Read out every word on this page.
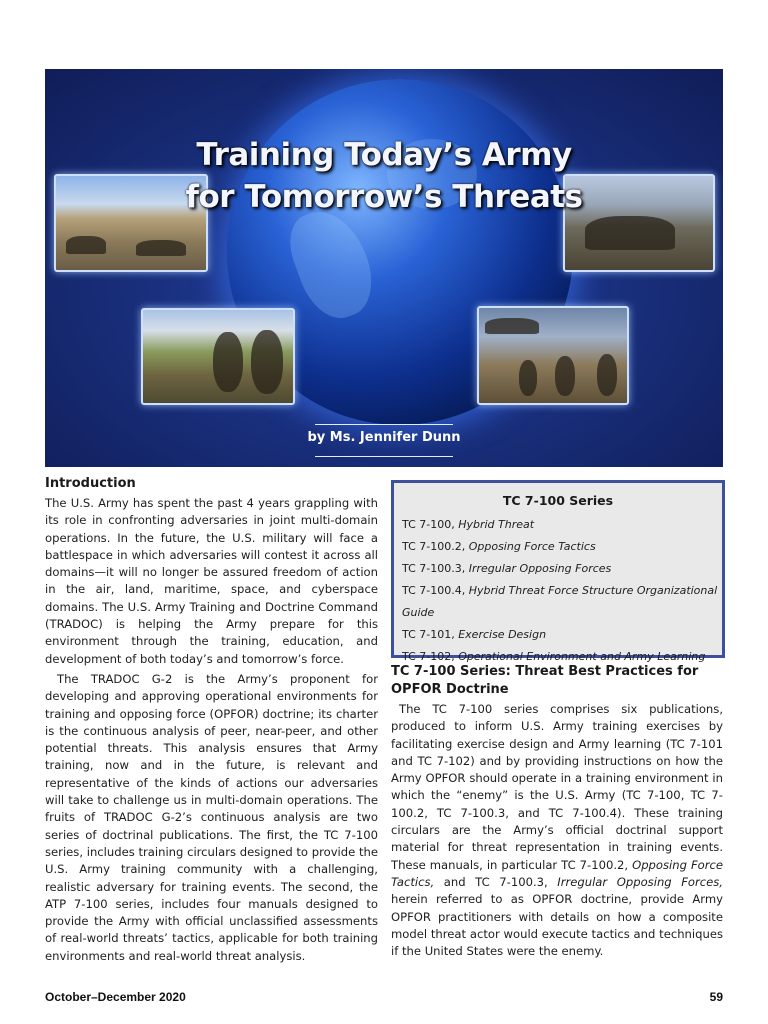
Training Today’s Army
for Tomorrow’s Threats
by Ms. Jennifer Dunn
Introduction

The U.S. Army has spent the past 4 years grappling with its role in confronting adversaries in joint multi-domain operations. In the future, the U.S. military will face a battlespace in which adversaries will contest it across all domains—it will no longer be assured freedom of action in the air, land, maritime, space, and cyberspace domains. The U.S. Army Training and Doctrine Command (TRADOC) is helping the Army prepare for this environment through the training, education, and development of both today’s and tomorrow’s force.

The TRADOC G-2 is the Army’s proponent for developing and approving operational environments for training and opposing force (OPFOR) doctrine; its charter is the continuous analysis of peer, near-peer, and other potential threats. This analysis ensures that Army training, now and in the future, is relevant and representative of the kinds of actions our adversaries will take to challenge us in multi-domain operations. The fruits of TRADOC G-2’s continuous analysis are two series of doctrinal publications. The first, the TC 7-100 series, includes training circulars designed to provide the U.S. Army training community with a challenging, realistic adversary for training events. The second, the ATP 7-100 series, includes four manuals designed to provide the Army with official unclassified assessments of real-world threats’ tactics, applicable for both training environments and real-world threat analysis.

TC 7-100 Series
TC 7-100, Hybrid Threat
TC 7-100.2, Opposing Force Tactics
TC 7-100.3, Irregular Opposing Forces
TC 7-100.4, Hybrid Threat Force Structure Organizational Guide
TC 7-101, Exercise Design
TC 7-102, Operational Environment and Army Learning
TC 7-100 Series: Threat Best Practices for OPFOR Doctrine

The TC 7-100 series comprises six publications, produced to inform U.S. Army training exercises by facilitating exercise design and Army learning (TC 7-101 and TC 7-102) and by providing instructions on how the Army OPFOR should operate in a training environment in which the “enemy” is the U.S. Army (TC 7-100, TC 7-100.2, TC 7-100.3, and TC 7-100.4). These training circulars are the Army’s official doctrinal support material for threat representation in training events. These manuals, in particular TC 7-100.2, Opposing Force Tactics, and TC 7-100.3, Irregular Opposing Forces, herein referred to as OPFOR doctrine, provide Army OPFOR practitioners with details on how a composite model threat actor would execute tactics and techniques if the United States were the enemy.

October–December 2020	59
